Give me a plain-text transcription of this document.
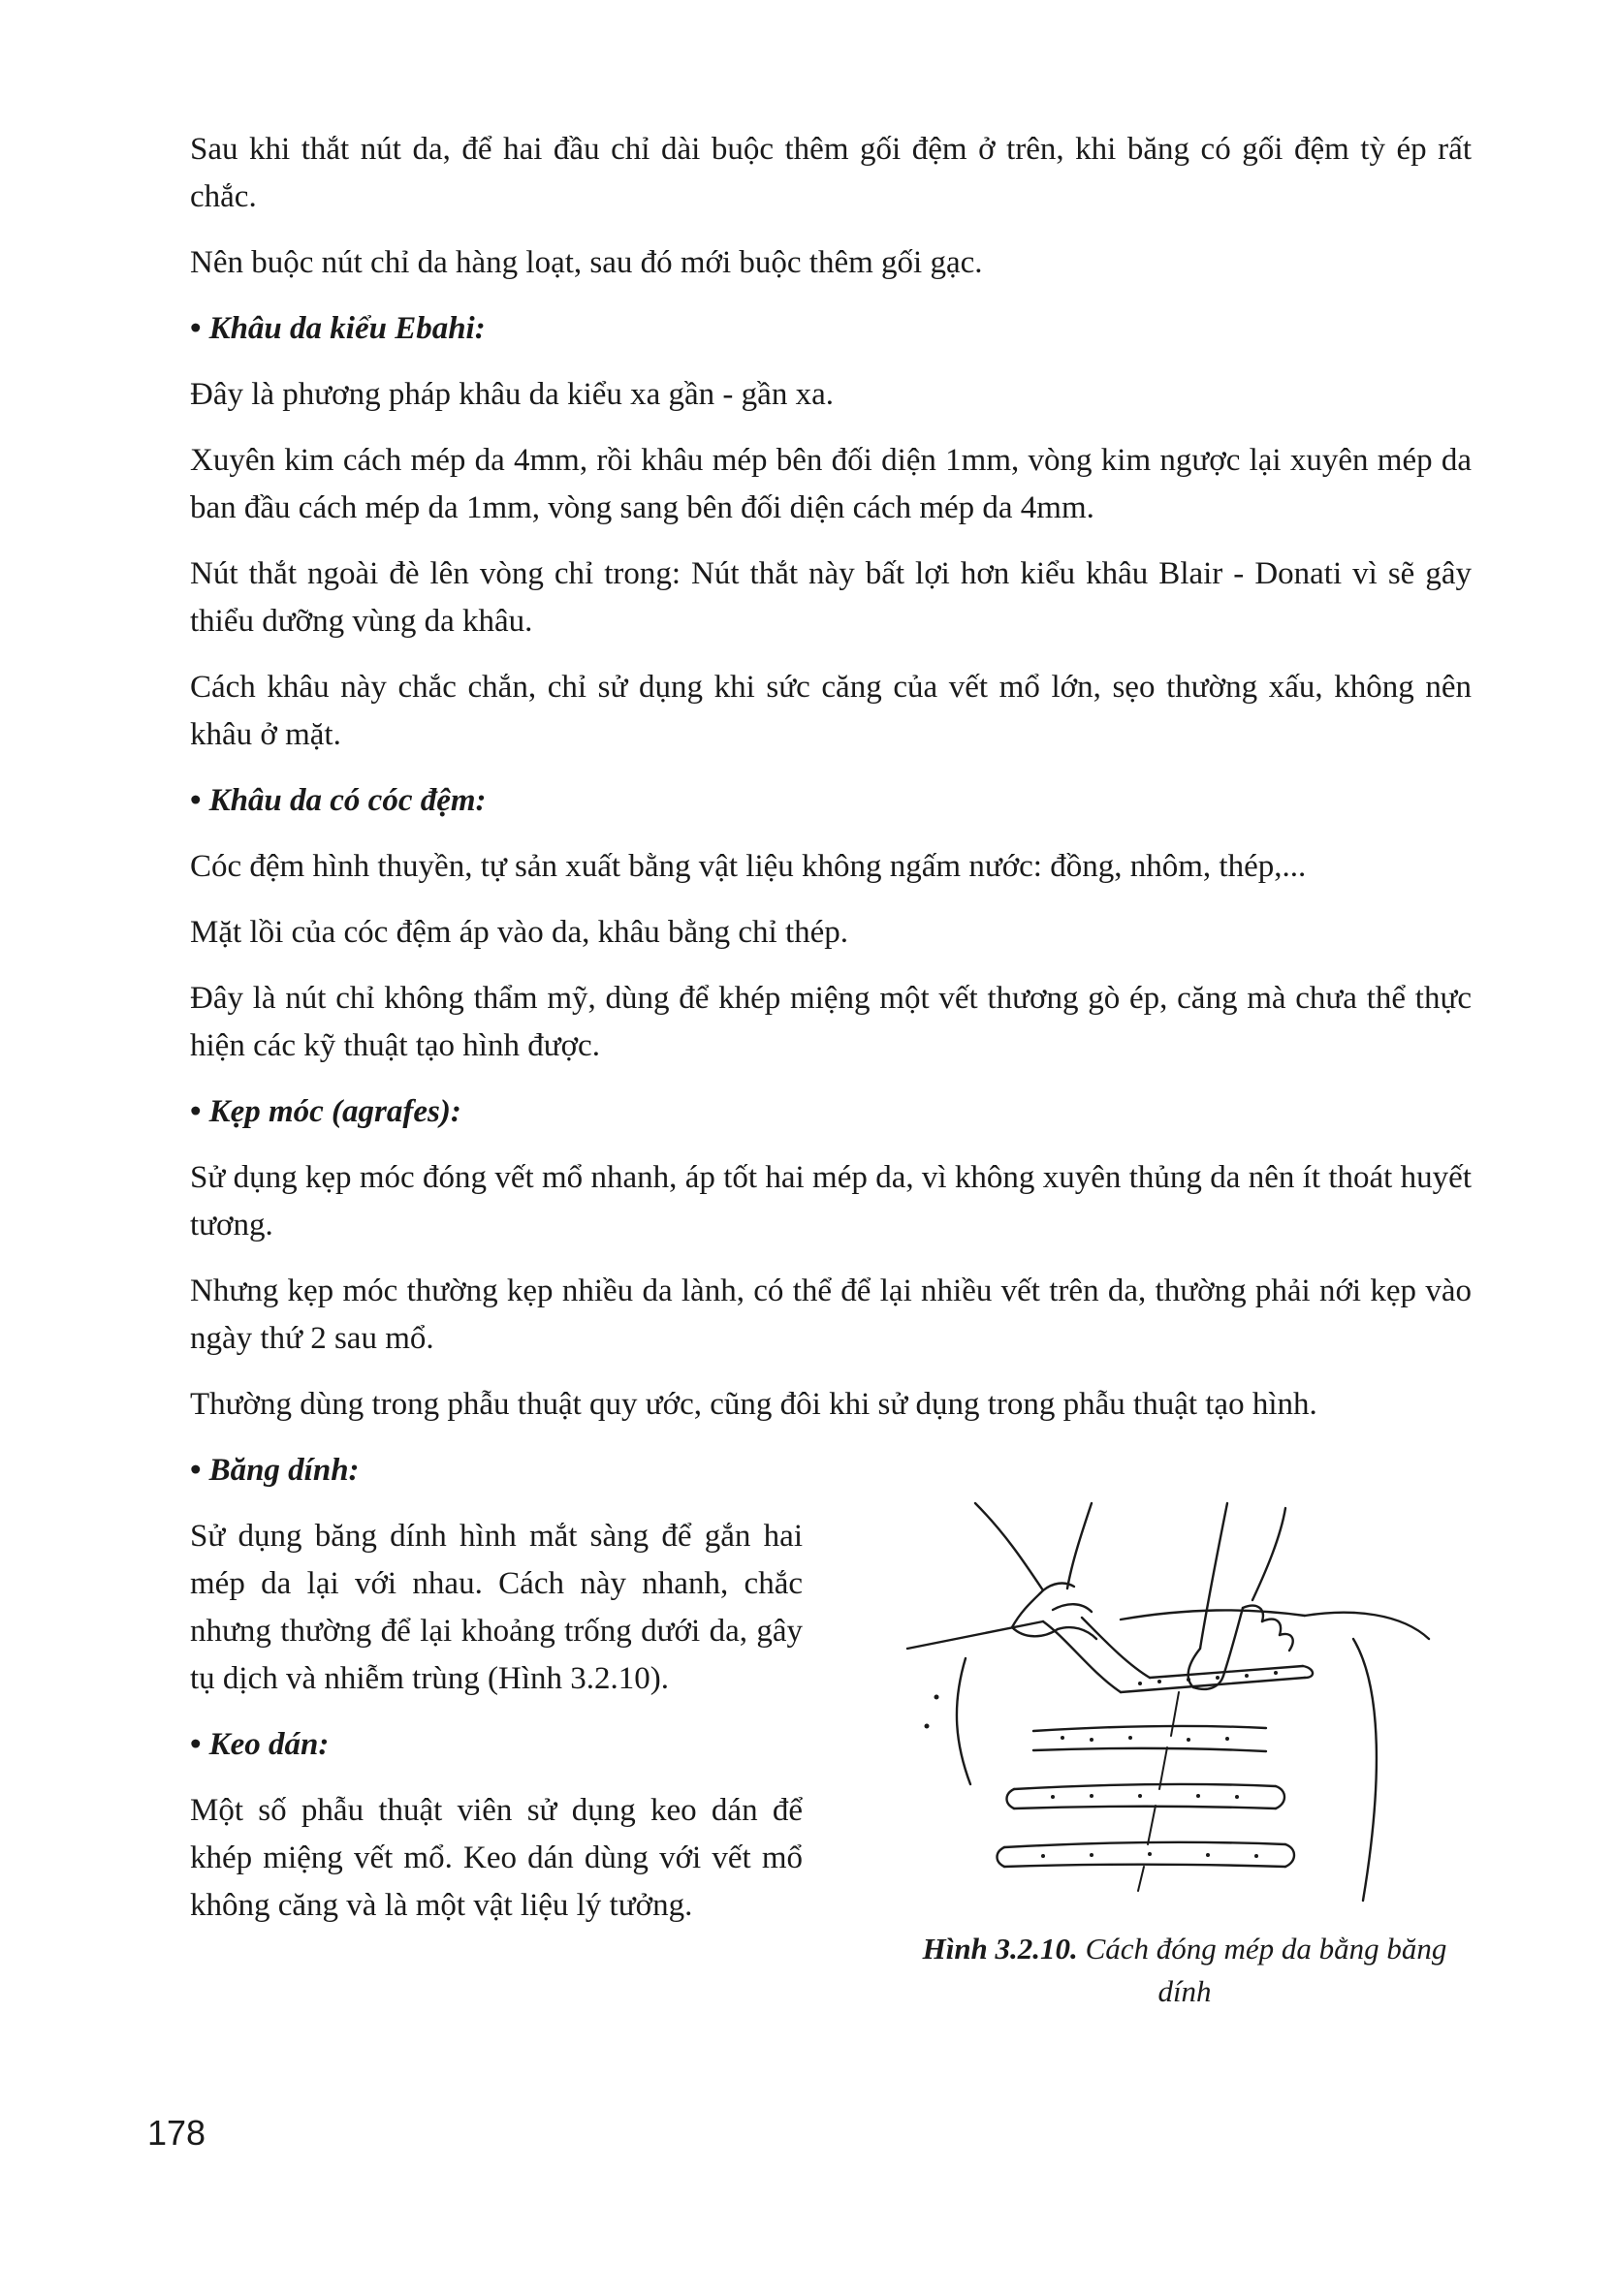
Sau khi thắt nút da, để hai đầu chỉ dài buộc thêm gối đệm ở trên, khi băng có gối đệm tỳ ép rất chắc.

Nên buộc nút chỉ da hàng loạt, sau đó mới buộc thêm gối gạc.

• Khâu da kiểu Ebahi:

Đây là phương pháp khâu da kiểu xa gần - gần xa.

Xuyên kim cách mép da 4mm, rồi khâu mép bên đối diện 1mm, vòng kim ngược lại xuyên mép da ban đầu cách mép da 1mm, vòng sang bên đối diện cách mép da 4mm.

Nút thắt ngoài đè lên vòng chỉ trong: Nút thắt này bất lợi hơn kiểu khâu Blair - Donati vì sẽ gây thiểu dưỡng vùng da khâu.

Cách khâu này chắc chắn, chỉ sử dụng khi sức căng của vết mổ lớn, sẹo thường xấu, không nên khâu ở mặt.

• Khâu da có cóc đệm:

Cóc đệm hình thuyền, tự sản xuất bằng vật liệu không ngấm nước: đồng, nhôm, thép,...

Mặt lồi của cóc đệm áp vào da, khâu bằng chỉ thép.

Đây là nút chỉ không thẩm mỹ, dùng để khép miệng một vết thương gò ép, căng mà chưa thể thực hiện các kỹ thuật tạo hình được.

• Kẹp móc (agrafes):

Sử dụng kẹp móc đóng vết mổ nhanh, áp tốt hai mép da, vì không xuyên thủng da nên ít thoát huyết tương.

Nhưng kẹp móc thường kẹp nhiều da lành, có thể để lại nhiều vết trên da, thường phải nới kẹp vào ngày thứ 2 sau mổ.

Thường dùng trong phẫu thuật quy ước, cũng đôi khi sử dụng trong phẫu thuật tạo hình.

• Băng dính:

Sử dụng băng dính hình mắt sàng để gắn hai mép da lại với nhau. Cách này nhanh, chắc nhưng thường để lại khoảng trống dưới da, gây tụ dịch và nhiễm trùng (Hình 3.2.10).

• Keo dán:

Một số phẫu thuật viên sử dụng keo dán để khép miệng vết mổ. Keo dán dùng với vết mổ không căng và là một vật liệu lý tưởng.

Hình 3.2.10. Cách đóng mép da bằng băng dính
178
